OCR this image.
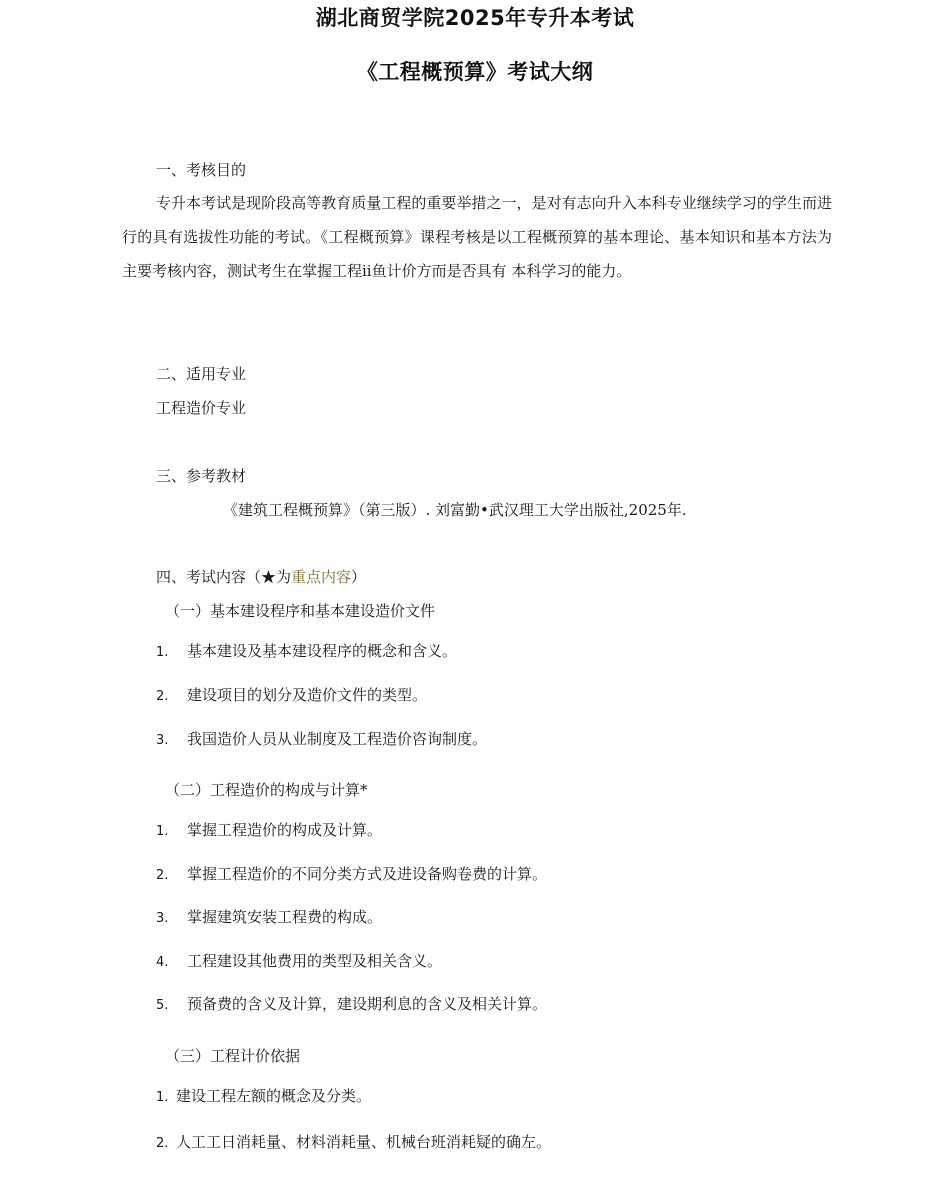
湖北商贸学院2025年专升本考试
《工程概预算》考试大纲
一、考核目的
专升本考试是现阶段高等教育质量工程的重要举措之一，是对有志向升入本科专业继续学习的学生而进行的具有选拔性功能的考试。《工程概预算》课程考核是以工程概预算的基本理论、基本知识和基本方法为主要考核内容，测试考生在掌握工程ii鱼计价方而是否具有 本科学习的能力。
二、适用专业
工程造价专业
三、参考教材
《建筑工程概预算》（第三版）. 刘富勤•武汉理工大学出版社,2025年.
四、考试内容（★为重点内容）
（一）基本建设程序和基本建设造价文件
1. 基本建设及基本建设程序的概念和含义。
2. 建设项目的划分及造价文件的类型。
3. 我国造价人员从业制度及工程造价咨询制度。
（二）工程造价的构成与计算*
1. 掌握工程造价的构成及计算。
2. 掌握工程造价的不同分类方式及进设备购卷费的计算。
3. 掌握建筑安装工程费的构成。
4. 工程建设其他费用的类型及相关含义。
5. 预备费的含义及计算，建设期利息的含义及相关计算。
（三）工程计价依据
1. 建设工程左额的概念及分类。
2. 人工工日消耗量、材料消耗量、机械台班消耗疑的确左。
